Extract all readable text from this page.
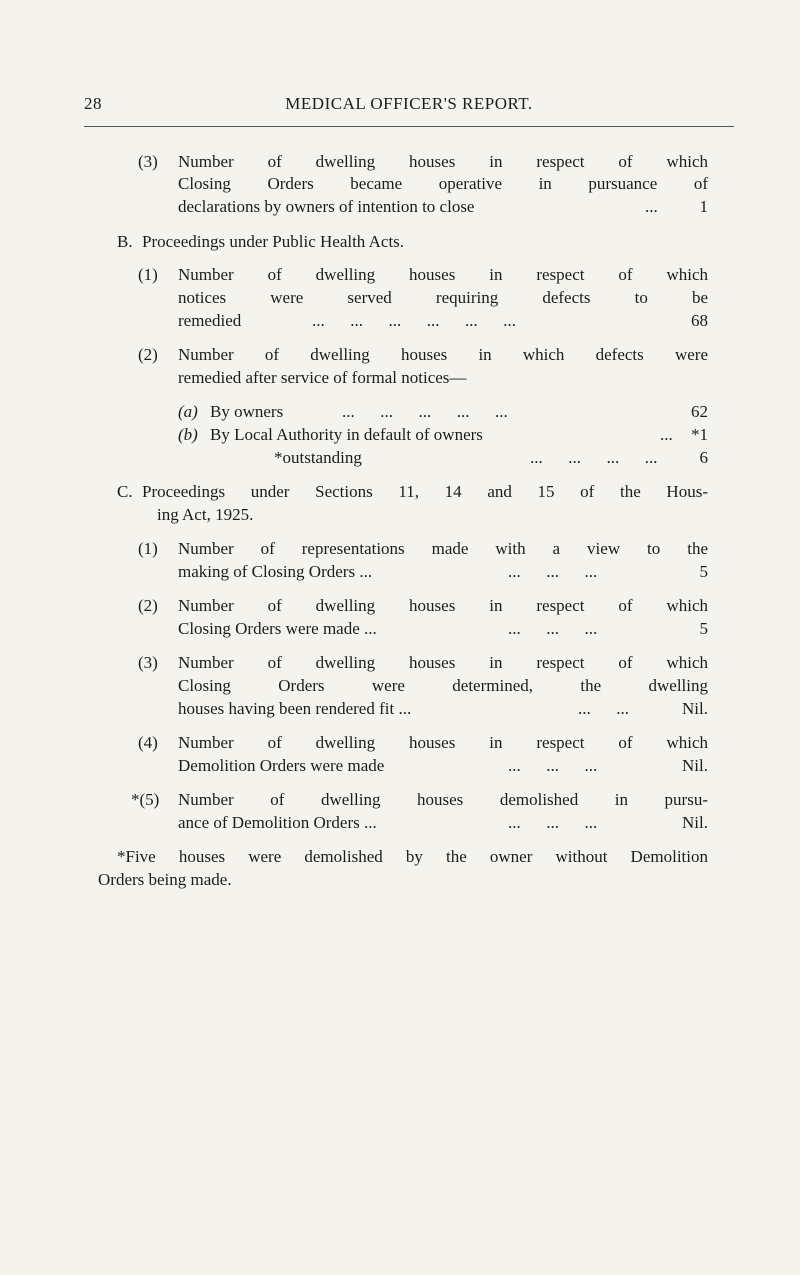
28	MEDICAL OFFICER'S REPORT.
(3) Number of dwelling houses in respect of which
Closing Orders became operative in pursuance of
declarations by owners of intention to close	... 1
B. Proceedings under Public Health Acts.
(1) Number of dwelling houses in respect of which
notices were served requiring defects to be
remedied	...      ...      ...      ...      ...      ...	68
(2) Number of dwelling houses in which defects were
remedied after service of formal notices—
(a) By owners	...      ...      ...      ...      ...	62
(b) By Local Authority in default of owners	... *1
*outstanding	...      ...      ...      ... 6
C. Proceedings under Sections 11, 14 and 15 of the Hous-
ing Act, 1925.
(1) Number of representations made with a view to the
making of Closing Orders ...	...      ...      ...	5
(2) Number of dwelling houses in respect of which
Closing Orders were made ...	...      ...      ...	5
(3) Number of dwelling houses in respect of which
Closing Orders were determined, the dwelling
houses having been rendered fit ...	...      ...	Nil.
(4) Number of dwelling houses in respect of which
Demolition Orders were made	...      ...      ...	Nil.
*(5) Number of dwelling houses demolished in pursu-
ance of Demolition Orders ...	...      ...      ...	Nil.
*Five houses were demolished by the owner without Demolition
Orders being made.
